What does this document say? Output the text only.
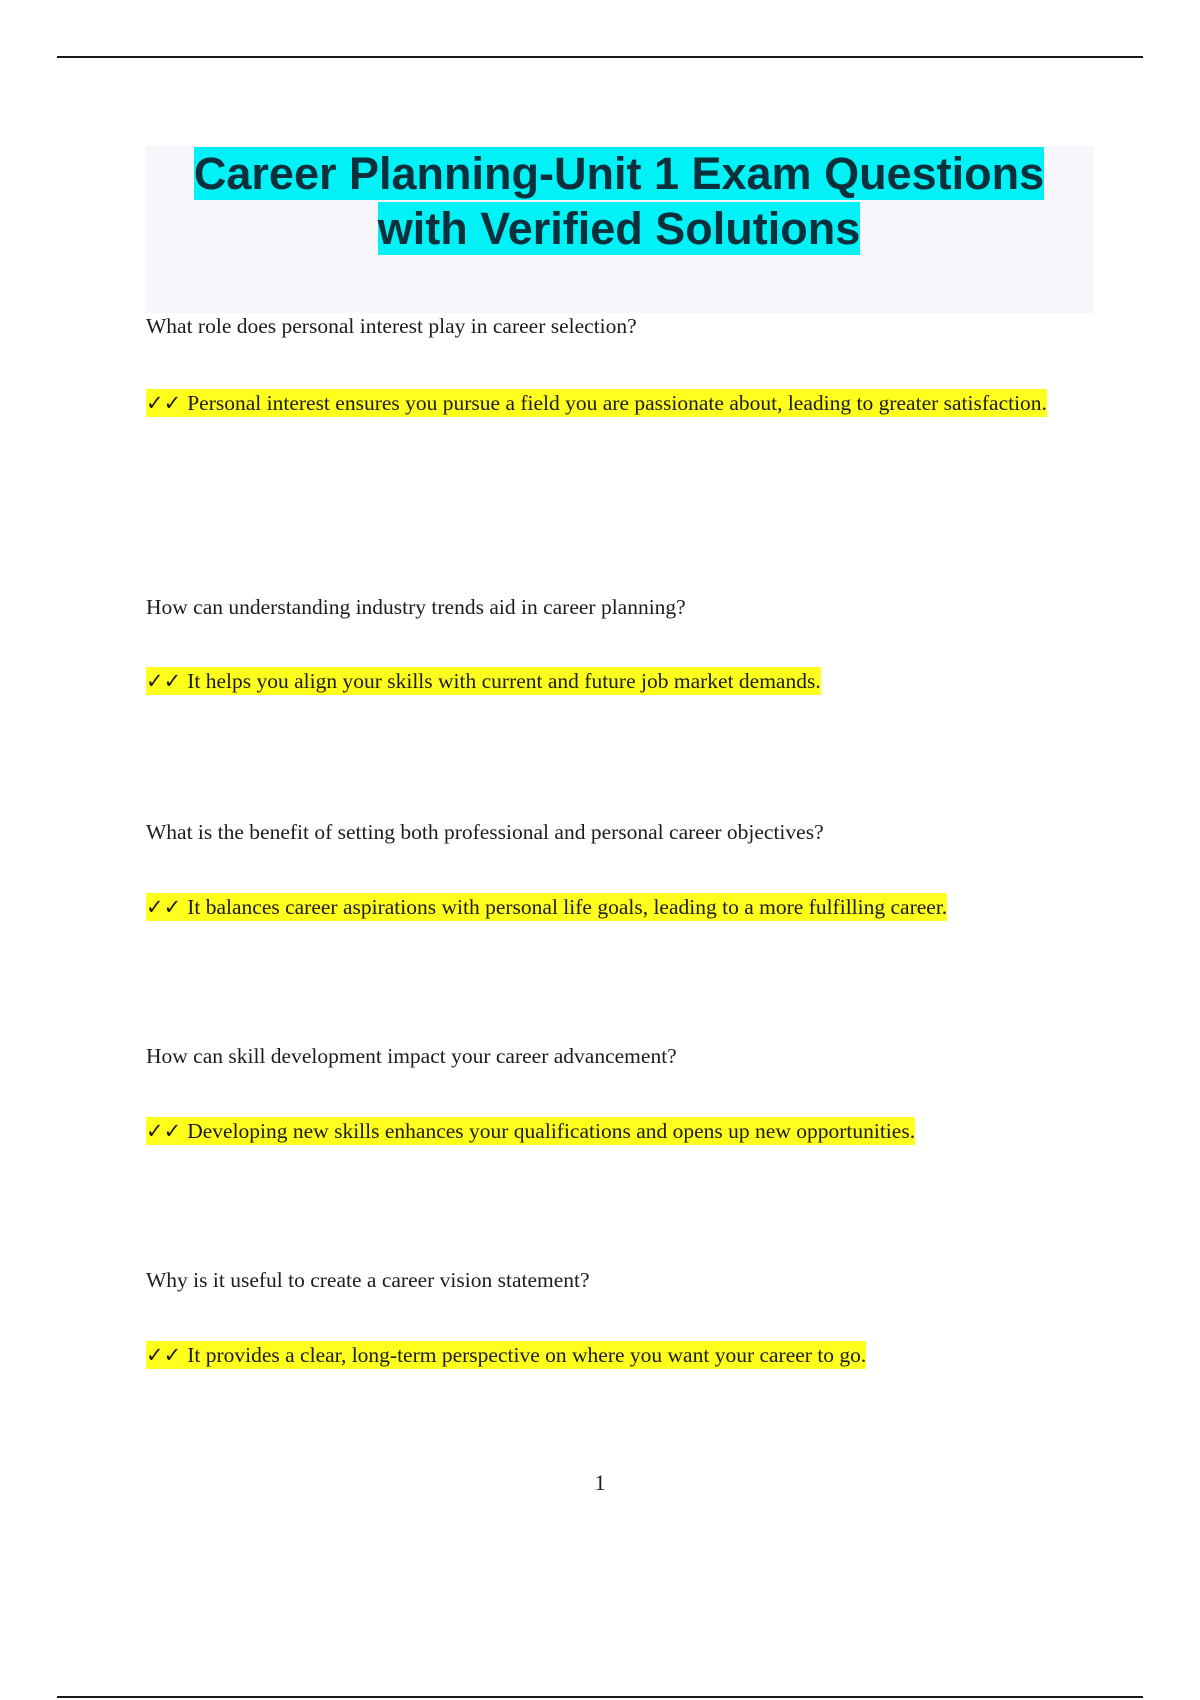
Career Planning-Unit 1 Exam Questions
with Verified Solutions
What role does personal interest play in career selection?
✓✓ Personal interest ensures you pursue a field you are passionate about, leading to greater satisfaction.
How can understanding industry trends aid in career planning?
✓✓ It helps you align your skills with current and future job market demands.
What is the benefit of setting both professional and personal career objectives?
✓✓ It balances career aspirations with personal life goals, leading to a more fulfilling career.
How can skill development impact your career advancement?
✓✓ Developing new skills enhances your qualifications and opens up new opportunities.
Why is it useful to create a career vision statement?
✓✓ It provides a clear, long-term perspective on where you want your career to go.
1
